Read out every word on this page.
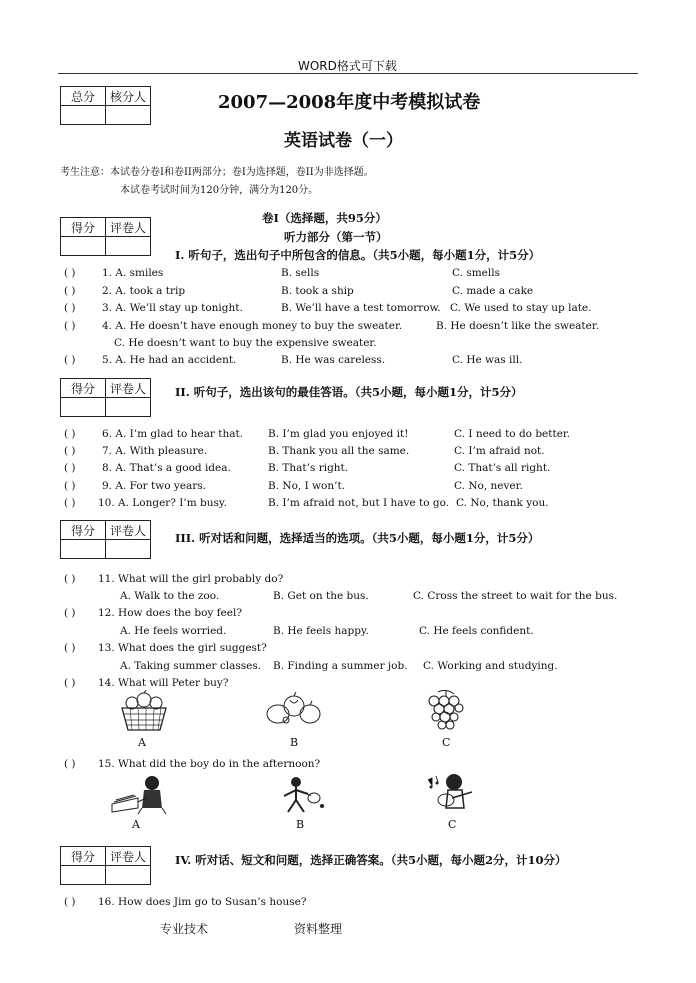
WORD格式可下载
总分	核分人
		2007—2008年度中考模拟试卷
英语试卷（一）
考生注意：本试卷分卷I和卷II两部分；卷I为选择题，卷II为非选择题。
本试卷考试时间为120分钟，满分为120分。
得分	评卷人

卷I（选择题，共95分）
听力部分（第一节）
I. 听句子，选出句子中所包含的信息。（共5小题，每小题1分，计5分）
( )	1. A. smiles	B. sells	C. smells
( )	2. A. took a trip	B. took a ship	C. made a cake
( )	3. A. We’ll stay up tonight.	B. We’ll have a test tomorrow. C. We used to stay up late.
( )	4. A. He doesn’t have enough money to buy the sweater.	B. He doesn’t like the sweater.
C. He doesn’t want to buy the expensive sweater.
( )	5. A. He had an accident.	B. He was careless.	C. He was ill.
得分	评卷人
		II. 听句子，选出该句的最佳答语。（共5小题，每小题1分，计5分）
( )	6. A. I’m glad to hear that. B. I’m glad you enjoyed it!	C. I need to do better.
( )	7. A. With pleasure.	B. Thank you all the same.	C. I’m afraid not.
( )	8. A. That’s a good idea.	B. That’s right.	C. That’s all right.
( )	9. A. For two years.	B. No, I won’t.	C. No, never.
( ) 10. A. Longer? I’m busy.	B. I’m afraid not, but I have to go. C. No, thank you.
得分	评卷人

III. 听对话和问题，选择适当的选项。（共5小题，每小题1分，计5分）
( ) 11. What will the girl probably do?
A. Walk to the zoo.	B. Get on the bus.	C. Cross the street to wait for the bus.
( ) 12. How does the boy feel?
A. He feels worried.	B. He feels happy.	C. He feels confident.
( ) 13. What does the girl suggest?
A. Taking summer classes. B. Finding a summer job. C. Working and studying.
( ) 14. What will Peter buy?
A	B	C
( ) 15. What did the boy do in the afternoon?
A	B	C
得分	评卷人
		IV. 听对话、短文和问题，选择正确答案。（共5小题，每小题2分，计10分）
( ) 16. How does Jim go to Susan’s house?
专业技术	资料整理
